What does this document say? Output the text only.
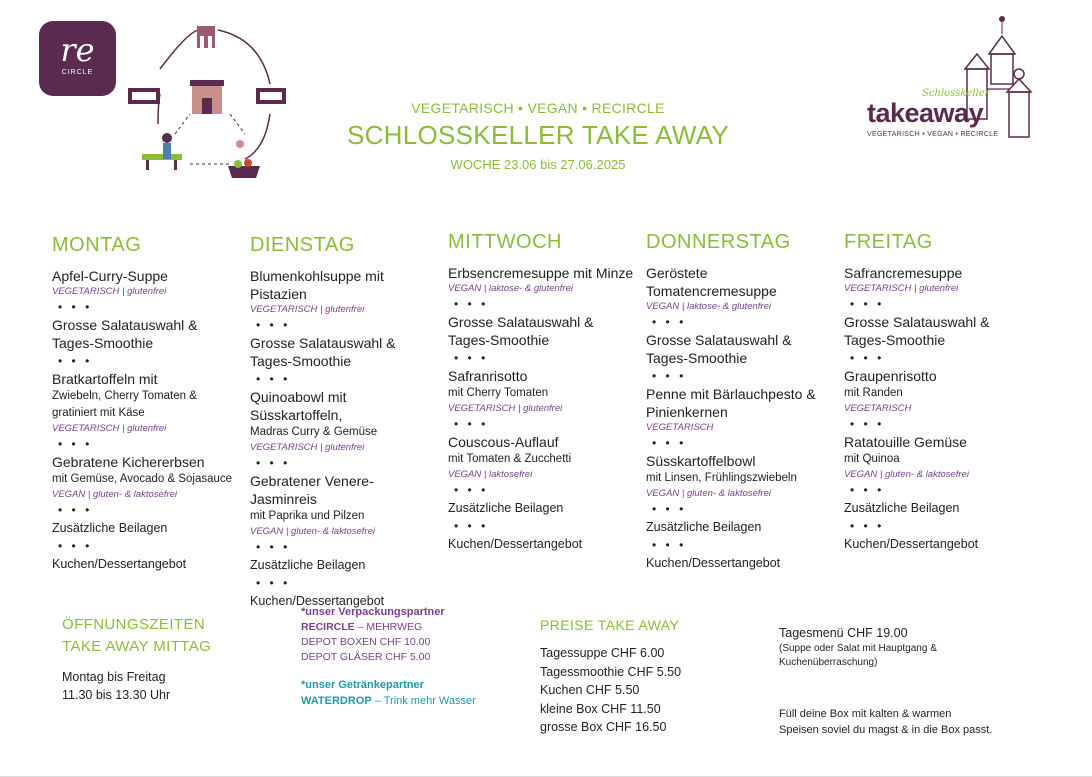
re
CIRCLE
VEGETARISCH • VEGAN • RECIRCLE
SCHLOSSKELLER TAKE AWAY
WOCHE 23.06 bis 27.06.2025
Schlosskeller
takeaway
VEGETARISCH • VEGAN • RECIRCLE
MONTAG
Apfel-Curry-Suppe
VEGETARISCH | glutenfrei
• • •
Grosse Salatauswahl & Tages-Smoothie
• • •
Bratkartoffeln mit
Zwiebeln, Cherry Tomaten & gratiniert mit Käse
VEGETARISCH | glutenfrei
• • •
Gebratene Kichererbsen
mit Gemüse, Avocado & Sojasauce
VEGAN | gluten- & laktosefrei
• • •
Zusätzliche Beilagen
• • •
Kuchen/Dessertangebot
DIENSTAG
Blumenkohlsuppe mit Pistazien
VEGETARISCH | glutenfrei
• • •
Grosse Salatauswahl & Tages-Smoothie
• • •
Quinoabowl mit Süsskartoffeln,
Madras Curry & Gemüse
VEGETARISCH | glutenfrei
• • •
Gebratener Venere-Jasminreis
mit Paprika und Pilzen
VEGAN | gluten- & laktosefrei
• • •
Zusätzliche Beilagen
• • •
Kuchen/Dessertangebot
MITTWOCH
Erbsencremesuppe mit Minze
VEGAN | laktose- & glutenfrei
• • •
Grosse Salatauswahl & Tages-Smoothie
• • •
Safranrisotto
mit Cherry Tomaten
VEGETARISCH | glutenfrei
• • •
Couscous-Auflauf
mit Tomaten & Zucchetti
VEGAN | laktosefrei
• • •
Zusätzliche Beilagen
• • •
Kuchen/Dessertangebot
DONNERSTAG
Geröstete Tomatencremesuppe
VEGAN | laktose- & glutenfrei
• • •
Grosse Salatauswahl & Tages-Smoothie
• • •
Penne mit Bärlauchpesto & Pinienkernen
VEGETARISCH
• • •
Süsskartoffelbowl
mit Linsen, Frühlingszwiebeln
VEGAN | gluten- & laktosefrei
• • •
Zusätzliche Beilagen
• • •
Kuchen/Dessertangebot
FREITAG
Safrancremesuppe
VEGETARISCH | glutenfrei
• • •
Grosse Salatauswahl & Tages-Smoothie
• • •
Graupenrisotto
mit Randen
VEGETARISCH
• • •
Ratatouille Gemüse
mit Quinoa
VEGAN | gluten- & laktosefrei
• • •
Zusätzliche Beilagen
• • •
Kuchen/Dessertangebot
ÖFFNUNGSZEITEN
TAKE AWAY MITTAG
Montag bis Freitag
11.30 bis 13.30 Uhr
*unser Verpackungspartner
RECIRCLE – MEHRWEG
DEPOT BOXEN CHF 10.00
DEPOT GLÄSER CHF 5.00
*unser Getränkepartner
WATERDROP – Trink mehr Wasser
PREISE TAKE AWAY
Tagessuppe CHF 6.00
Tagessmoothie CHF 5.50
Kuchen CHF 5.50
kleine Box CHF 11.50
grosse Box CHF 16.50
Tagesmenü CHF 19.00
(Suppe oder Salat mit Hauptgang &
Kuchenüberraschung)
Füll deine Box mit kalten & warmen
Speisen soviel du magst & in die Box passt.
